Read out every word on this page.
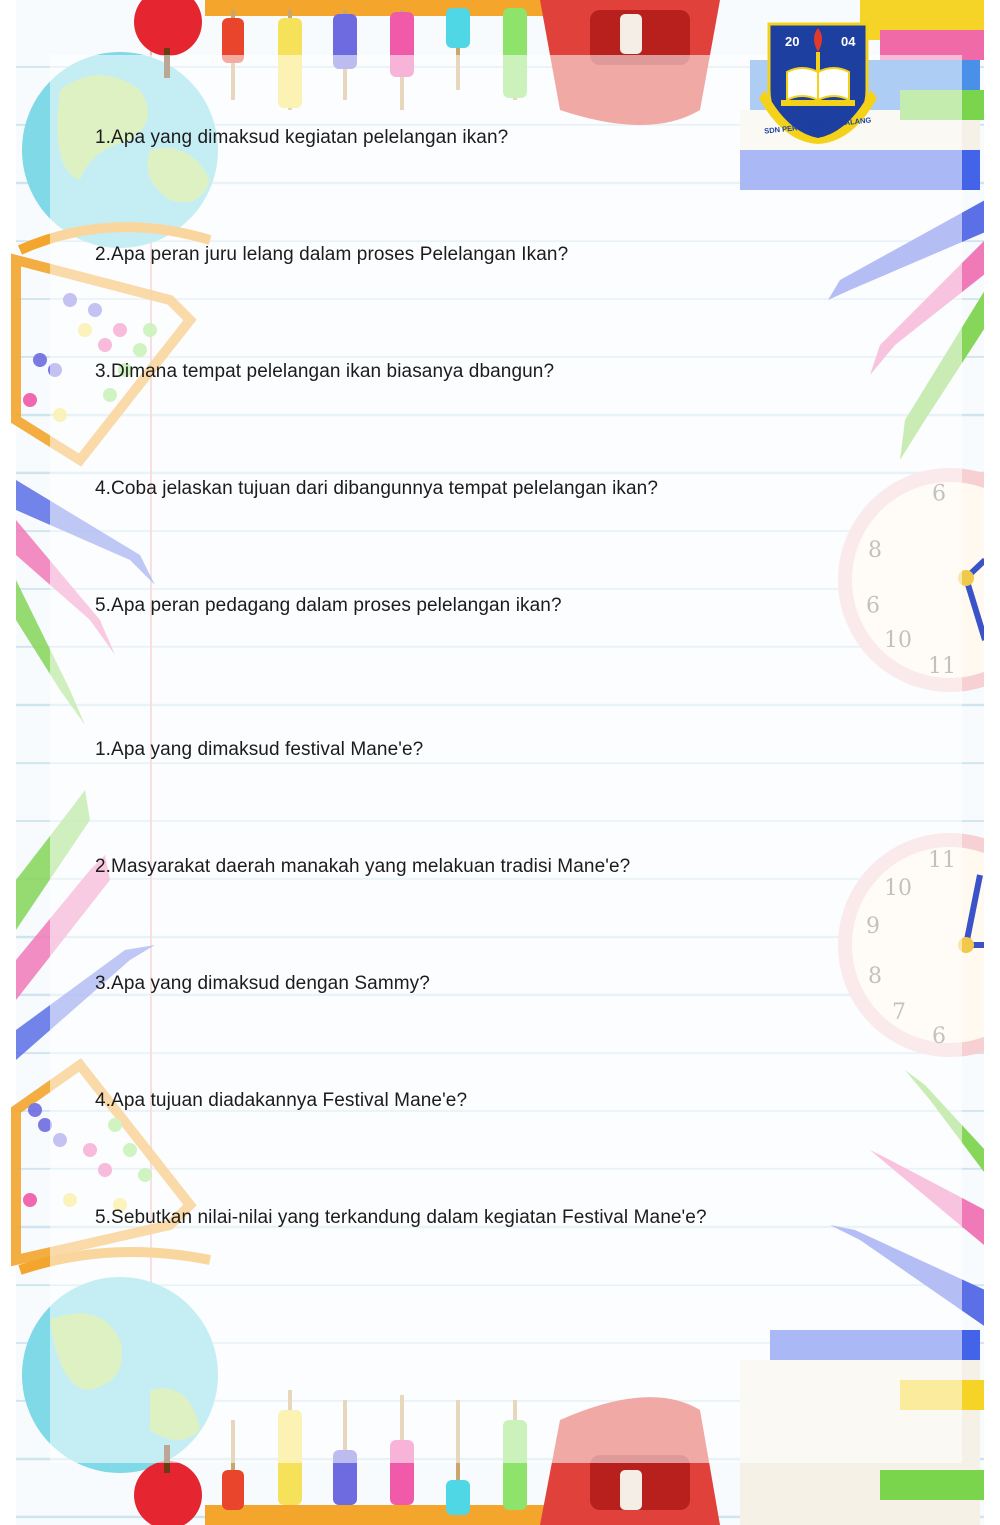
20	04
SDN PERCOBAAN 2 MALANG
1.Apa yang dimaksud kegiatan pelelangan ikan?
2.Apa peran juru lelang dalam proses Pelelangan Ikan?
3.Dimana tempat pelelangan ikan biasanya dbangun?
4.Coba jelaskan tujuan dari dibangunnya tempat pelelangan ikan?
5.Apa peran pedagang dalam proses pelelangan ikan?
1.Apa yang dimaksud festival Mane'e?
2.Masyarakat daerah manakah yang melakuan tradisi Mane'e?
3.Apa yang dimaksud dengan Sammy?
4.Apa tujuan diadakannya Festival Mane'e?
5.Sebutkan nilai-nilai yang terkandung dalam kegiatan Festival Mane'e?
